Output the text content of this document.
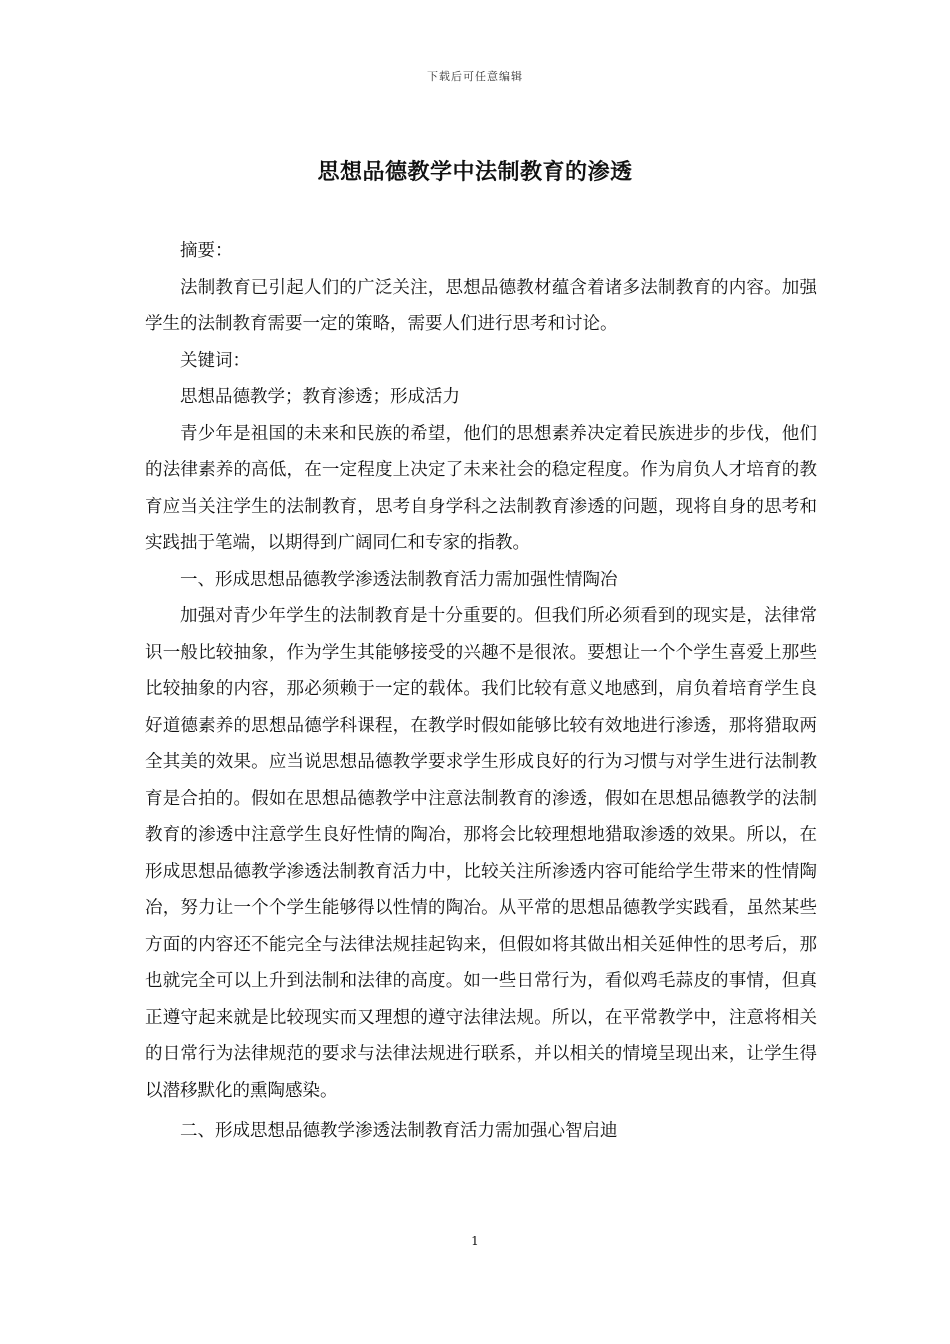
下载后可任意编辑
思想品德教学中法制教育的渗透

摘要：

法制教育已引起人们的广泛关注，思想品德教材蕴含着诸多法制教育的内容。加强学生的法制教育需要一定的策略，需要人们进行思考和讨论。

关键词：

思想品德教学；教育渗透；形成活力

青少年是祖国的未来和民族的希望，他们的思想素养决定着民族进步的步伐，他们的法律素养的高低，在一定程度上决定了未来社会的稳定程度。作为肩负人才培育的教育应当关注学生的法制教育，思考自身学科之法制教育渗透的问题，现将自身的思考和实践拙于笔端，以期得到广阔同仁和专家的指教。

一、形成思想品德教学渗透法制教育活力需加强性情陶冶

加强对青少年学生的法制教育是十分重要的。但我们所必须看到的现实是，法律常识一般比较抽象，作为学生其能够接受的兴趣不是很浓。要想让一个个学生喜爱上那些比较抽象的内容，那必须赖于一定的载体。我们比较有意义地感到，肩负着培育学生良好道德素养的思想品德学科课程，在教学时假如能够比较有效地进行渗透，那将猎取两全其美的效果。应当说思想品德教学要求学生形成良好的行为习惯与对学生进行法制教育是合拍的。假如在思想品德教学中注意法制教育的渗透，假如在思想品德教学的法制教育的渗透中注意学生良好性情的陶冶，那将会比较理想地猎取渗透的效果。所以，在形成思想品德教学渗透法制教育活力中，比较关注所渗透内容可能给学生带来的性情陶冶，努力让一个个学生能够得以性情的陶冶。从平常的思想品德教学实践看，虽然某些方面的内容还不能完全与法律法规挂起钩来，但假如将其做出相关延伸性的思考后，那也就完全可以上升到法制和法律的高度。如一些日常行为，看似鸡毛蒜皮的事情，但真正遵守起来就是比较现实而又理想的遵守法律法规。所以，在平常教学中，注意将相关的日常行为法律规范的要求与法律法规进行联系，并以相关的情境呈现出来，让学生得以潜移默化的熏陶感染。

二、形成思想品德教学渗透法制教育活力需加强心智启迪

1
